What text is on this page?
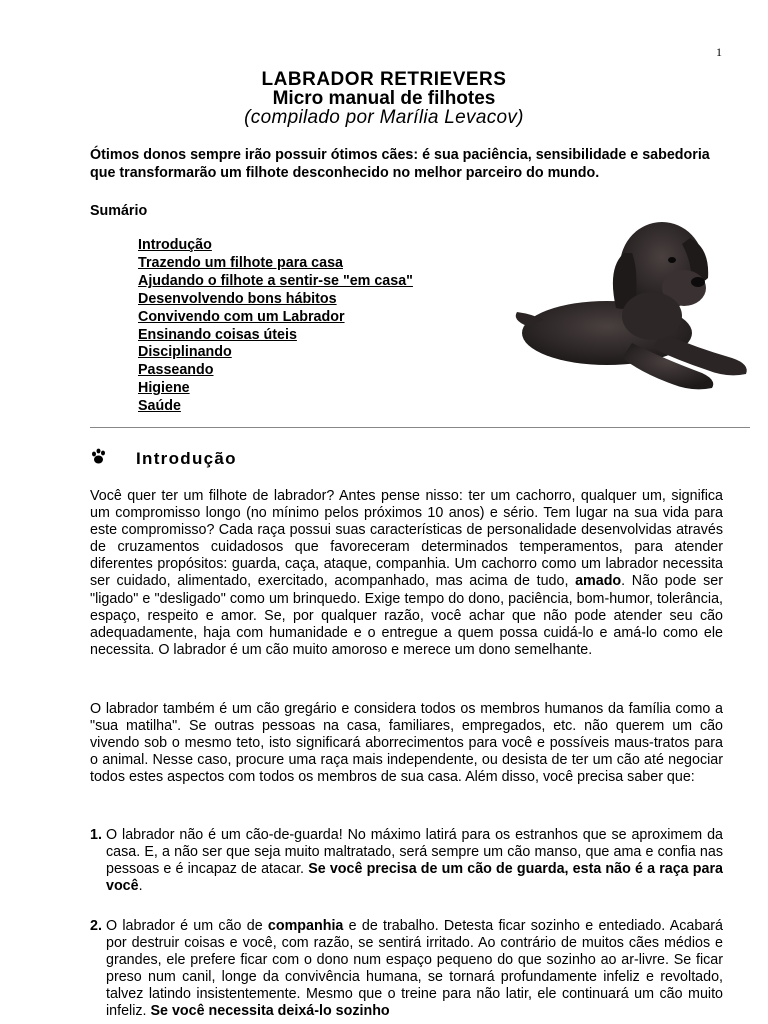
1
LABRADOR RETRIEVERS
Micro manual de filhotes
(compilado por Marília Levacov)
Ótimos donos sempre irão possuir ótimos cães: é sua paciência, sensibilidade e sabedoria que transformarão um filhote desconhecido no melhor parceiro do mundo.
Sumário
Introdução
Trazendo um filhote para casa
Ajudando o filhote a sentir-se "em casa"
Desenvolvendo bons hábitos
Convivendo com um Labrador
Ensinando coisas úteis
Disciplinando
Passeando
Higiene
Saúde
Introdução
Você quer ter um filhote de labrador? Antes pense nisso: ter um cachorro, qualquer um, significa um compromisso longo (no mínimo pelos próximos 10 anos) e sério. Tem lugar na sua vida para este compromisso? Cada raça possui suas características de personalidade desenvolvidas através de cruzamentos cuidadosos que favoreceram determinados temperamentos, para atender diferentes propósitos: guarda, caça, ataque, companhia. Um cachorro como um labrador necessita ser cuidado, alimentado, exercitado, acompanhado, mas acima de tudo, amado. Não pode ser "ligado" e "desligado" como um brinquedo. Exige tempo do dono, paciência, bom-humor, tolerância, espaço, respeito e amor. Se, por qualquer razão, você achar que não pode atender seu cão adequadamente, haja com humanidade e o entregue a quem possa cuidá-lo e amá-lo como ele necessita. O labrador é um cão muito amoroso e merece um dono semelhante.
O labrador também é um cão gregário e considera todos os membros humanos da família como a "sua matilha". Se outras pessoas na casa, familiares, empregados, etc. não querem um cão vivendo sob o mesmo teto, isto significará aborrecimentos para você e possíveis maus-tratos para o animal. Nesse caso, procure uma raça mais independente, ou desista de ter um cão até negociar todos estes aspectos com todos os membros de sua casa. Além disso, você precisa saber que:
1. O labrador não é um cão-de-guarda! No máximo latirá para os estranhos que se aproximem da casa. E, a não ser que seja muito maltratado, será sempre um cão manso, que ama e confia nas pessoas e é incapaz de atacar. Se você precisa de um cão de guarda, esta não é a raça para você.
2. O labrador é um cão de companhia e de trabalho. Detesta ficar sozinho e entediado. Acabará por destruir coisas e você, com razão, se sentirá irritado. Ao contrário de muitos cães médios e grandes, ele prefere ficar com o dono num espaço pequeno do que sozinho ao ar-livre. Se ficar preso num canil, longe da convivência humana, se tornará profundamente infeliz e revoltado, talvez latindo insistentemente. Mesmo que o treine para não latir, ele continuará um cão muito infeliz. Se você necessita deixá-lo sozinho
